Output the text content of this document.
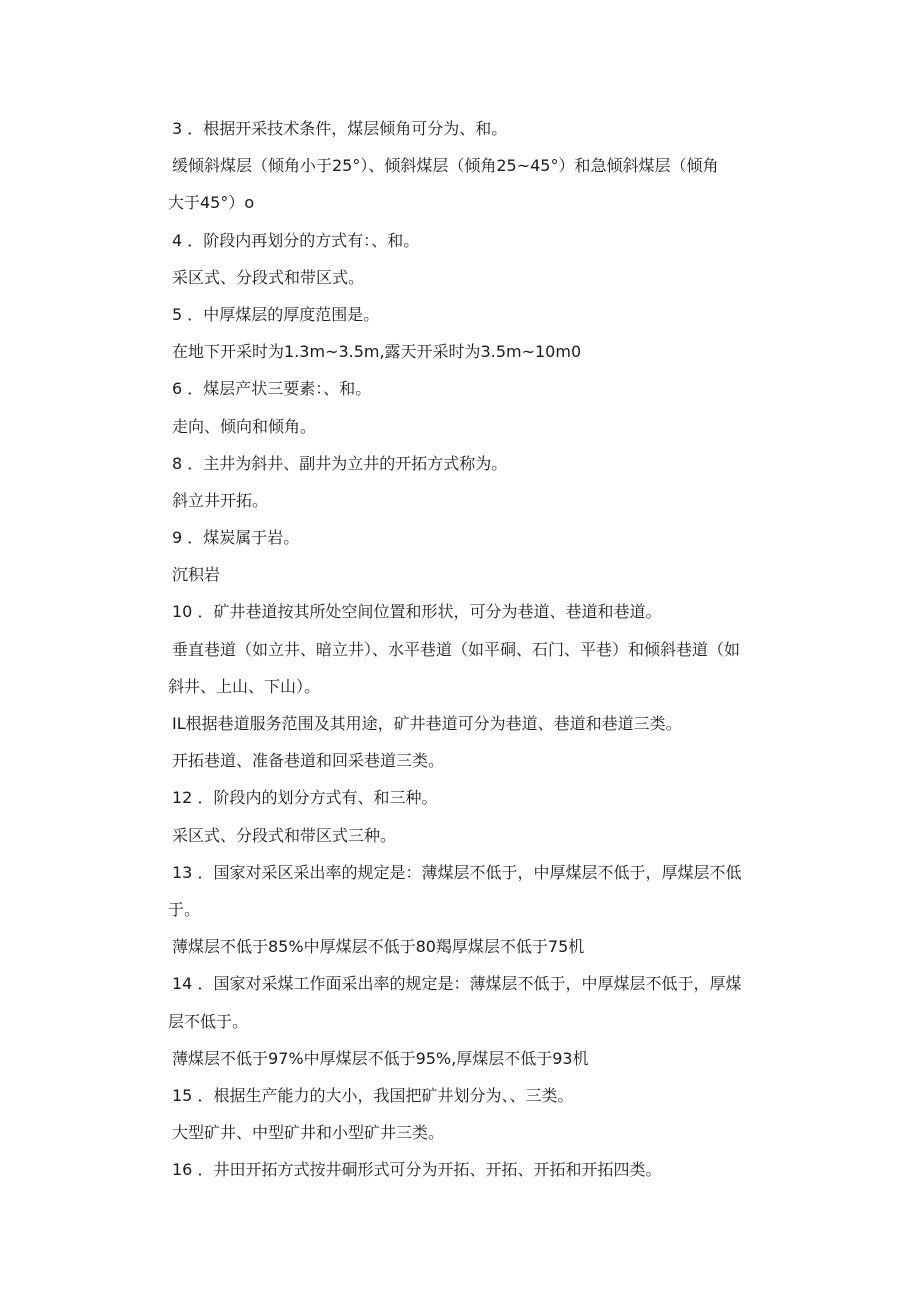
3 ．根据开采技术条件，煤层倾角可分为、和。
缓倾斜煤层（倾角小于25°）、倾斜煤层（倾角25~45°）和急倾斜煤层（倾角
大于45°）o
4 ．阶段内再划分的方式有：、和。
采区式、分段式和带区式。
5 ．中厚煤层的厚度范围是。
在地下开采时为1.3m~3.5m,露天开采时为3.5m~10m0
6 ．煤层产状三要素：、和。
走向、倾向和倾角。
8 ．主井为斜井、副井为立井的开拓方式称为。
斜立井开拓。
9 ．煤炭属于岩。
沉积岩
10 ．矿井巷道按其所处空间位置和形状，可分为巷道、巷道和巷道。
垂直巷道（如立井、暗立井）、水平巷道（如平硐、石门、平巷）和倾斜巷道（如
斜井、上山、下山）。
IL根据巷道服务范围及其用途，矿井巷道可分为巷道、巷道和巷道三类。
开拓巷道、准备巷道和回采巷道三类。
12 ．阶段内的划分方式有、和三种。
采区式、分段式和带区式三种。
13 ．国家对采区采出率的规定是：薄煤层不低于，中厚煤层不低于，厚煤层不低
于。
薄煤层不低于85%中厚煤层不低于80羯厚煤层不低于75机
14 ．国家对采煤工作面采出率的规定是：薄煤层不低于，中厚煤层不低于，厚煤
层不低于。
薄煤层不低于97%中厚煤层不低于95%,厚煤层不低于93机
15 ．根据生产能力的大小，我国把矿井划分为、、三类。
大型矿井、中型矿井和小型矿井三类。
16 ．井田开拓方式按井硐形式可分为开拓、开拓、开拓和开拓四类。
